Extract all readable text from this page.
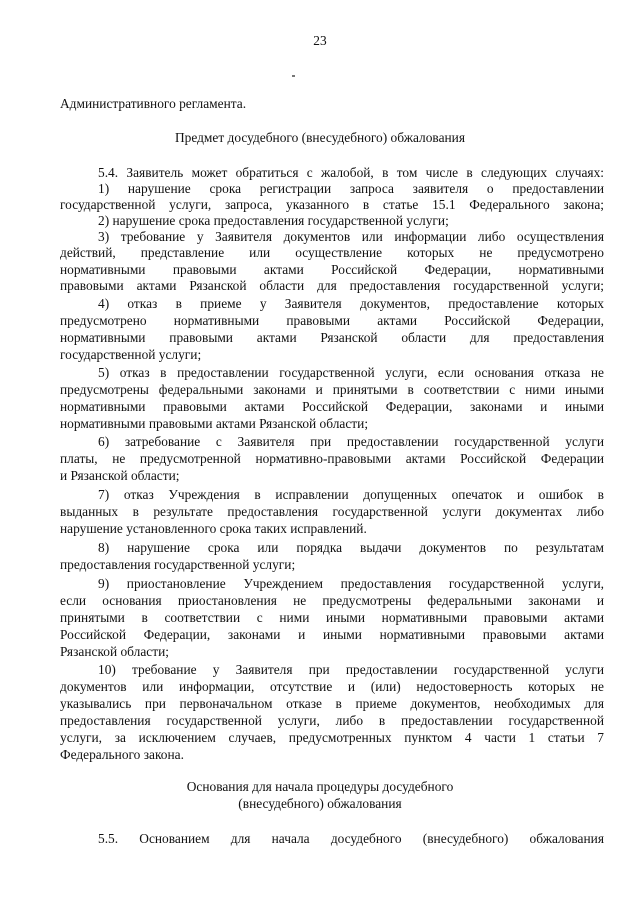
23
Административного регламента.
Предмет досудебного (внесудебного) обжалования
5.4. Заявитель может обратиться с жалобой, в том числе в следующих случаях:
1) нарушение срока регистрации запроса заявителя о предоставлении
государственной услуги, запроса, указанного в статье 15.1 Федерального закона;
2) нарушение срока предоставления государственной услуги;
3) требование у Заявителя документов или информации либо осуществления
действий, представление или осуществление которых не предусмотрено
нормативными правовыми актами Российской Федерации, нормативными
правовыми актами Рязанской области для предоставления государственной услуги;
4) отказ в приеме у Заявителя документов, предоставление которых
предусмотрено нормативными правовыми актами Российской Федерации,
нормативными правовыми актами Рязанской области для предоставления
государственной услуги;
5) отказ в предоставлении государственной услуги, если основания отказа не
предусмотрены федеральными законами и принятыми в соответствии с ними иными
нормативными правовыми актами Российской Федерации, законами и иными
нормативными правовыми актами Рязанской области;
6) затребование с Заявителя при предоставлении государственной услуги
платы, не предусмотренной нормативно-правовыми актами Российской Федерации
и Рязанской области;
7) отказ Учреждения в исправлении допущенных опечаток и ошибок в
выданных в результате предоставления государственной услуги документах либо
нарушение установленного срока таких исправлений.
8) нарушение срока или порядка выдачи документов по результатам
предоставления государственной услуги;
9) приостановление Учреждением предоставления государственной услуги,
если основания приостановления не предусмотрены федеральными законами и
принятыми в соответствии с ними иными нормативными правовыми актами
Российской Федерации, законами и иными нормативными правовыми актами
Рязанской области;
10) требование у Заявителя при предоставлении государственной услуги
документов или информации, отсутствие и (или) недостоверность которых не
указывались при первоначальном отказе в приеме документов, необходимых для
предоставления государственной услуги, либо в предоставлении государственной
услуги, за исключением случаев, предусмотренных пунктом 4 части 1 статьи 7
Федерального закона.
Основания для начала процедуры досудебного
(внесудебного) обжалования
5.5. Основанием для начала досудебного (внесудебного) обжалования
